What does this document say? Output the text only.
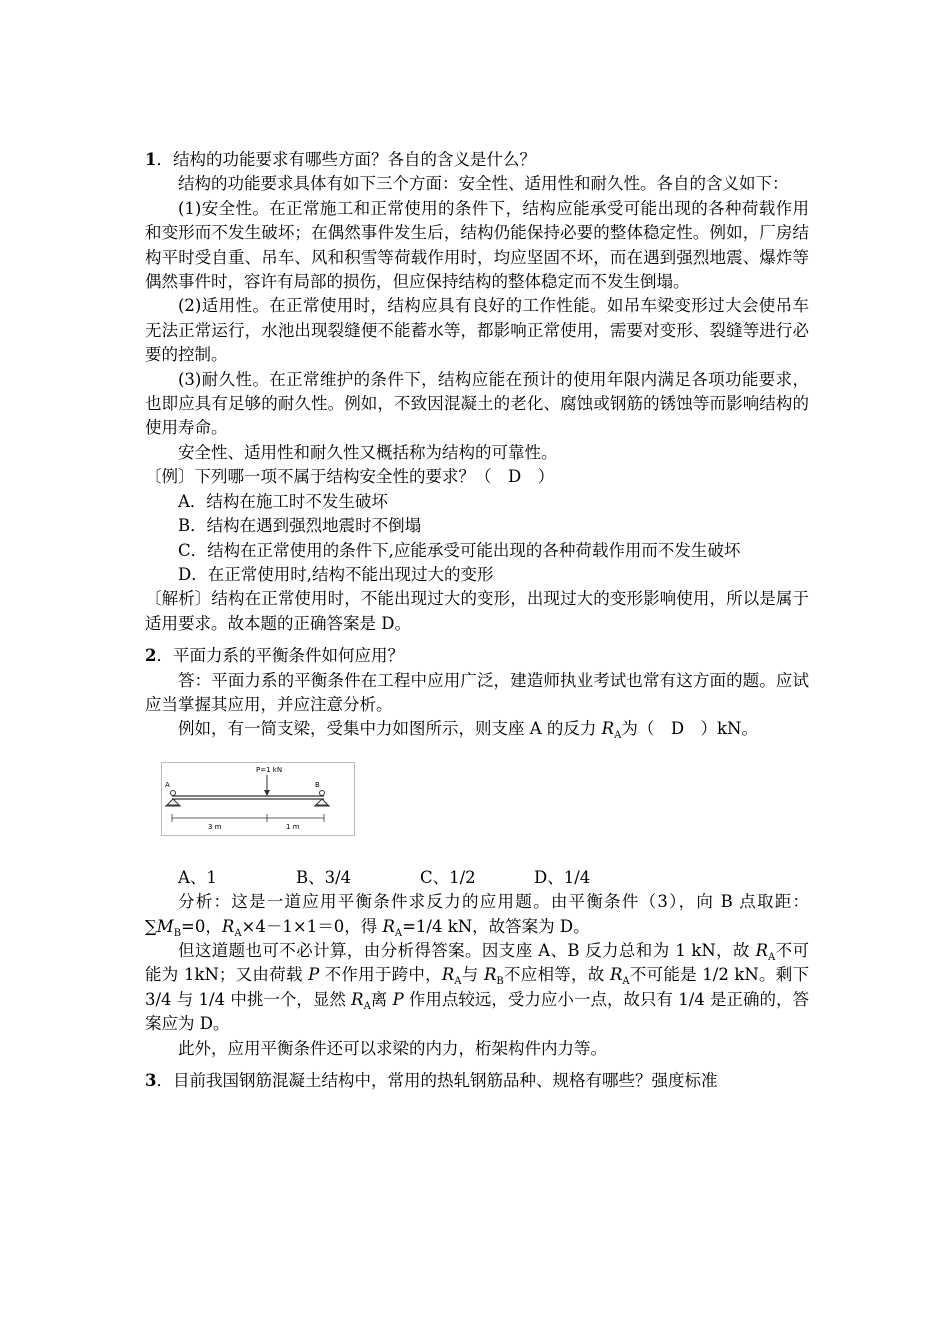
1．结构的功能要求有哪些方面？各自的含义是什么？

结构的功能要求具体有如下三个方面：安全性、适用性和耐久性。各自的含义如下：

(1)安全性。在正常施工和正常使用的条件下，结构应能承受可能出现的各种荷载作用和变形而不发生破坏；在偶然事件发生后，结构仍能保持必要的整体稳定性。例如，厂房结构平时受自重、吊车、风和积雪等荷载作用时，均应坚固不坏，而在遇到强烈地震、爆炸等偶然事件时，容许有局部的损伤，但应保持结构的整体稳定而不发生倒塌。

(2)适用性。在正常使用时，结构应具有良好的工作性能。如吊车梁变形过大会使吊车无法正常运行，水池出现裂缝便不能蓄水等，都影响正常使用，需要对变形、裂缝等进行必要的控制。

(3)耐久性。在正常维护的条件下，结构应能在预计的使用年限内满足各项功能要求，也即应具有足够的耐久性。例如，不致因混凝土的老化、腐蚀或钢筋的锈蚀等而影响结构的使用寿命。

安全性、适用性和耐久性又概括称为结构的可靠性。

〔例〕下列哪一项不属于结构安全性的要求？（　D　）

A．结构在施工时不发生破坏

B．结构在遇到强烈地震时不倒塌

C．结构在正常使用的条件下,应能承受可能出现的各种荷载作用而不发生破坏

D．在正常使用时,结构不能出现过大的变形

〔解析〕结构在正常使用时，不能出现过大的变形，出现过大的变形影响使用，所以是属于适用要求。故本题的正确答案是 D。

2．平面力系的平衡条件如何应用？

答：平面力系的平衡条件在工程中应用广泛，建造师执业考试也常有这方面的题。应试应当掌握其应用，并应注意分析。

例如，有一简支梁，受集中力如图所示，则支座 A 的反力 $R_A$为（　D　）kN。

A	B
P=1 kN
3 m	1 m
A、1	B、3/4	C、1/2	D、1/4

分析：这是一道应用平衡条件求反力的应用题。由平衡条件（3），向 B 点取距：$\sum M_B=0$，$R_A\times 4-1\times 1=0$，得 $R_A=1/4$ kN，故答案为 D。

但这道题也可不必计算，由分析得答案。因支座 A、B 反力总和为 1 kN，故 $R_A$不可能为 1kN；又由荷载 P 不作用于跨中，$R_A$与 $R_B$不应相等，故 $R_A$不可能是 1/2 kN。剩下 3/4 与 1/4 中挑一个，显然 $R_A$离 P 作用点较远，受力应小一点，故只有 1/4 是正确的，答案应为 D。

此外，应用平衡条件还可以求梁的内力，桁架构件内力等。

3．目前我国钢筋混凝土结构中，常用的热轧钢筋品种、规格有哪些？强度标准
